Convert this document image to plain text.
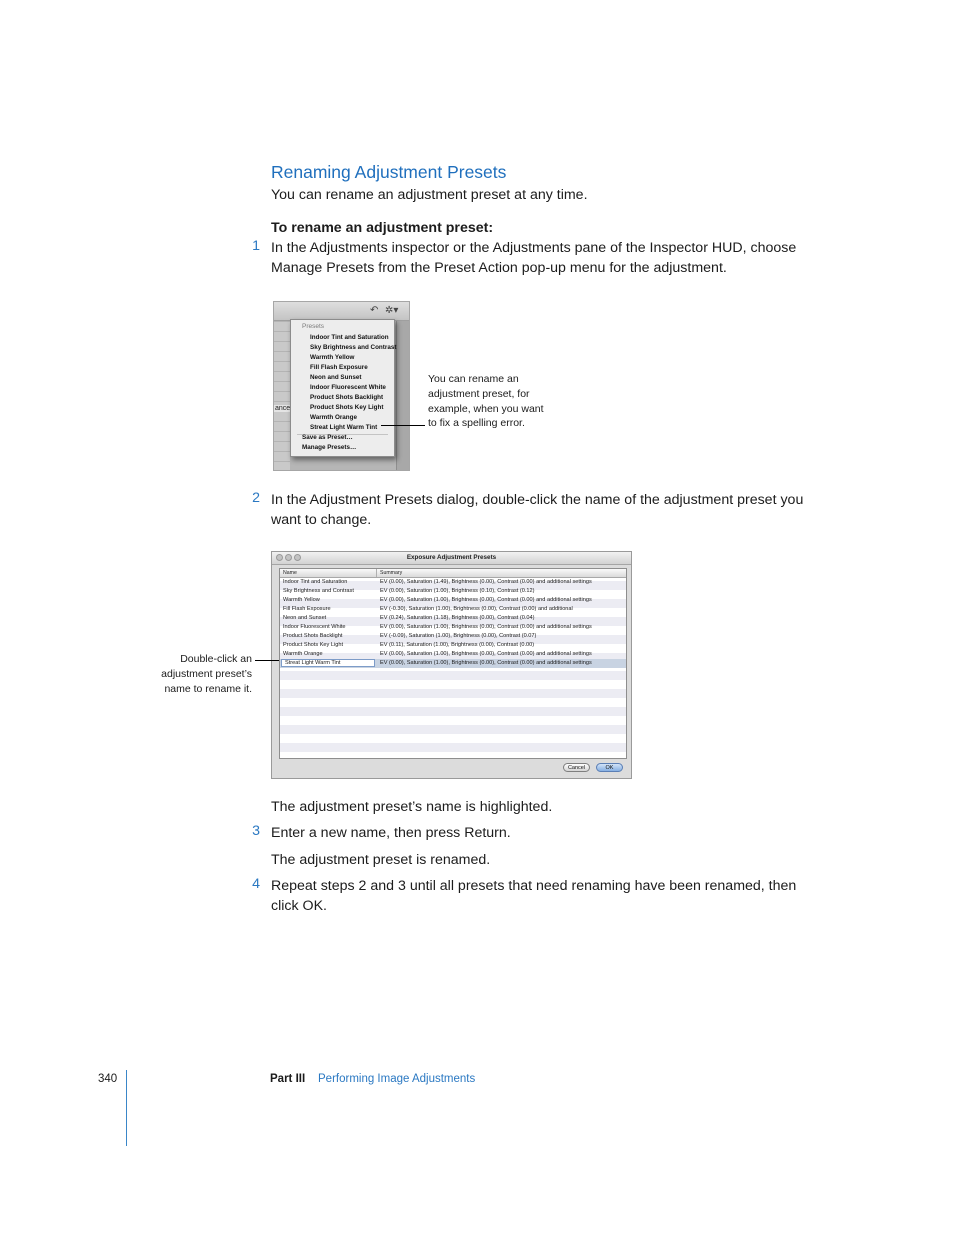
Renaming Adjustment Presets
You can rename an adjustment preset at any time.
To rename an adjustment preset:
1 In the Adjustments inspector or the Adjustments pane of the Inspector HUD, choose
Manage Presets from the Preset Action pop-up menu for the adjustment.
↶ ✲▾
ance
Presets
Indoor Tint and Saturation
Sky Brightness and Contrast
Warmth Yellow
Fill Flash Exposure
Neon and Sunset
Indoor Fluorescent White
Product Shots Backlight
Product Shots Key Light
Warmth Orange
Streat Light Warm Tint
Save as Preset…
Manage Presets…
You can rename an
adjustment preset, for
example, when you want
to fix a spelling error.
2 In the Adjustment Presets dialog, double-click the name of the adjustment preset you
want to change.
Exposure Adjustment Presets
Name	Summary
Indoor Tint and Saturation	EV (0.00), Saturation (1.49), Brightness (0.00), Contrast (0.00) and additional settings
Sky Brightness and Contrast	EV (0.00), Saturation (1.00), Brightness (0.10), Contrast (0.12)
Warmth Yellow	EV (0.00), Saturation (1.00), Brightness (0.00), Contrast (0.00) and additional settings
Fill Flash Exposure	EV (-0.30), Saturation (1.00), Brightness (0.00), Contrast (0.00) and additional
Neon and Sunset	EV (0.24), Saturation (1.18), Brightness (0.00), Contrast (0.04)
Indoor Fluorescent White	EV (0.00), Saturation (1.00), Brightness (0.00), Contrast (0.00) and additional settings
Product Shots Backlight	EV (-0.09), Saturation (1.00), Brightness (0.00), Contrast (0.07)
Product Shots Key Light	EV (0.11), Saturation (1.00), Brightness (0.00), Contrast (0.00)
Warmth Orange	EV (0.00), Saturation (1.00), Brightness (0.00), Contrast (0.00) and additional settings
Streat Light Warm Tint	EV (0.00), Saturation (1.00), Brightness (0.00), Contrast (0.00) and additional settings
Cancel	OK
Double-click an
adjustment preset’s
name to rename it.
The adjustment preset’s name is highlighted.
3 Enter a new name, then press Return.
The adjustment preset is renamed.
4 Repeat steps 2 and 3 until all presets that need renaming have been renamed, then
click OK.
340	Part III Performing Image Adjustments
